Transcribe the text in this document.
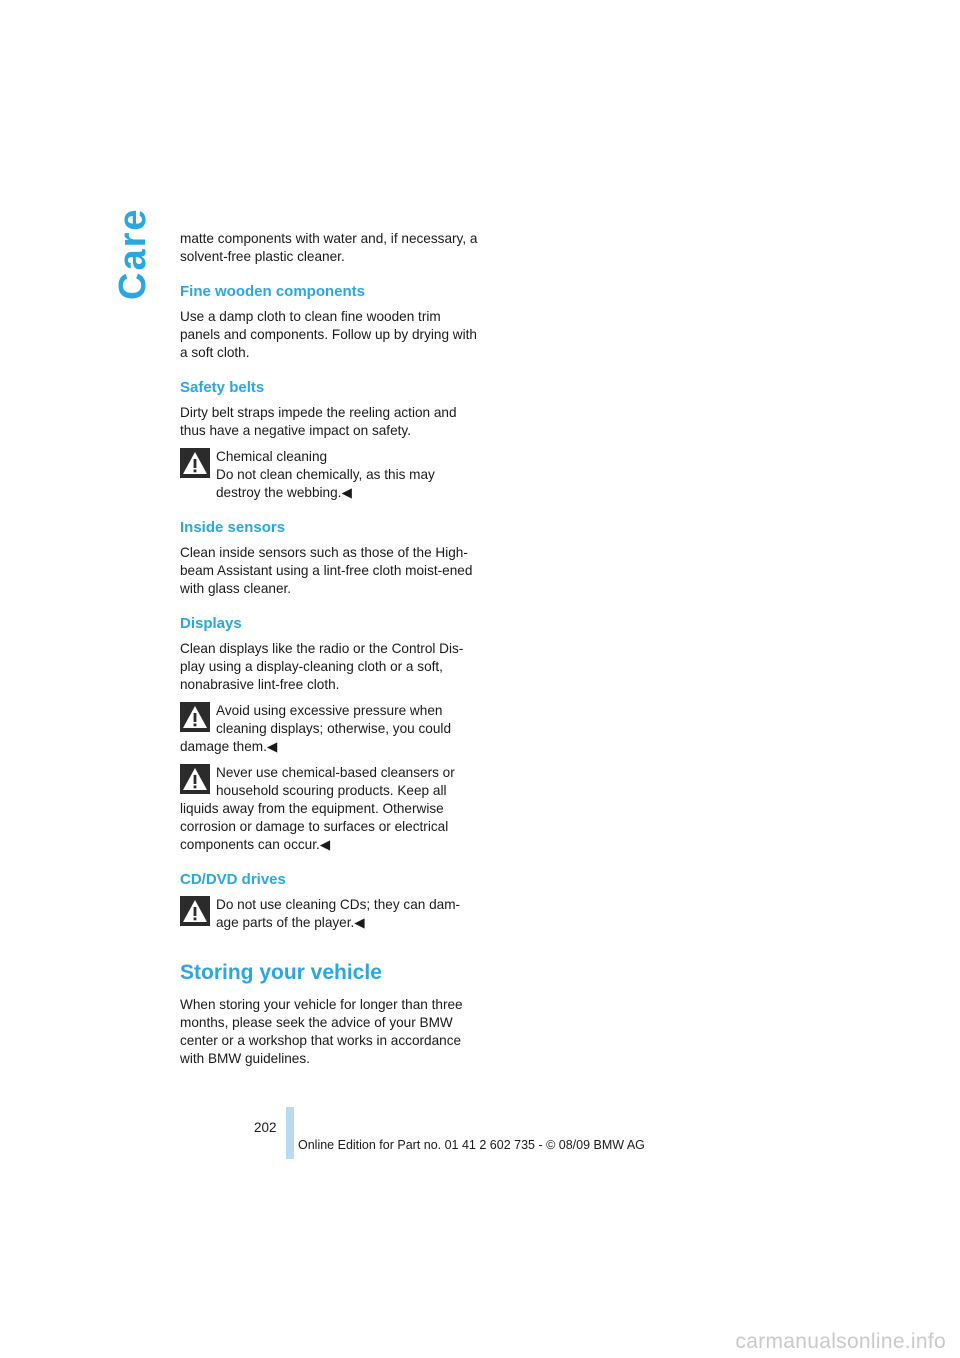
Care matte components with water and, if necessary, a solvent-free plastic cleaner.

Fine wooden components

Use a damp cloth to clean fine wooden trim panels and components. Follow up by drying with a soft cloth.

Safety belts

Dirty belt straps impede the reeling action and thus have a negative impact on safety.

Chemical cleaning
Do not clean chemically, as this may destroy the webbing.◀
Inside sensors

Clean inside sensors such as those of the High-beam Assistant using a lint-free cloth moist-ened with glass cleaner.

Displays

Clean displays like the radio or the Control Dis-play using a display-cleaning cloth or a soft, nonabrasive lint-free cloth.

Avoid using excessive pressure when cleaning displays; otherwise, you could
damage them.◀
Never use chemical-based cleansers or household scouring products. Keep all
liquids away from the equipment. Otherwise corrosion or damage to surfaces or electrical components can occur.◀
CD/DVD drives
Do not use cleaning CDs; they can dam-age parts of the player.◀
Storing your vehicle

When storing your vehicle for longer than three months, please seek the advice of your BMW center or a workshop that works in accordance with BMW guidelines.

202
Online Edition for Part no. 01 41 2 602 735 - © 08/09 BMW AG
carmanualsonline.info
